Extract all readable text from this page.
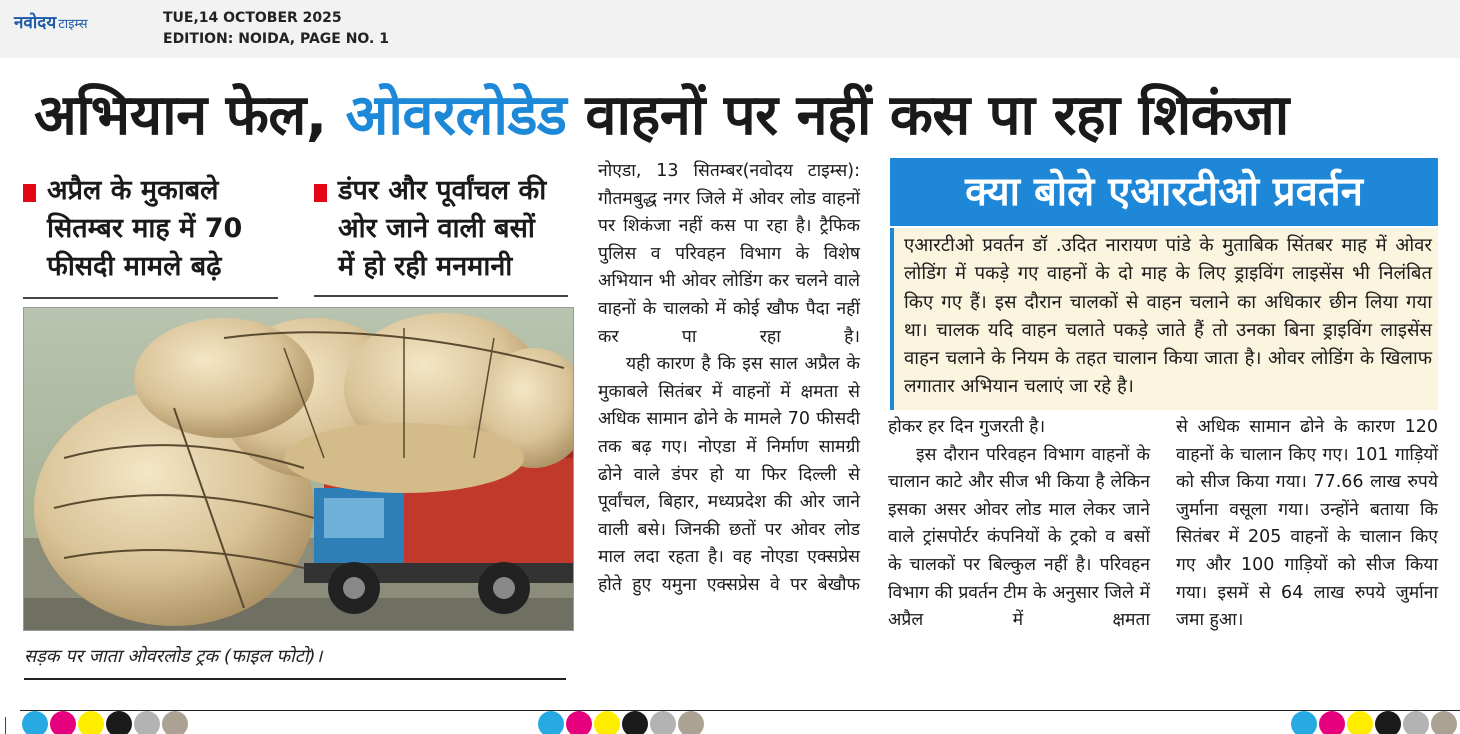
नवोदय टाइम्स	TUE,14 OCTOBER 2025
EDITION: NOIDA, PAGE NO. 1
अभियान फेल, ओवरलोडेड वाहनों पर नहीं कस पा रहा शिकंजा
अप्रैल के मुकाबले
सितम्बर माह में 70
फीसदी मामले बढ़े
डंपर और पूर्वांचल की
ओर जाने वाली बसों
में हो रही मनमानी
सड़क पर जाता ओवरलोड ट्रक (फाइल फोटो)।

नोएडा, 13 सितम्बर(नवोदय टाइम्स): गौतमबुद्ध नगर जिले में ओवर लोड वाहनों पर शिकंजा नहीं कस पा रहा है। ट्रैफिक पुलिस व परिवहन विभाग के विशेष अभियान भी ओवर लोडिंग कर चलने वाले वाहनों के चालको में कोई खौफ पैदा नहीं कर पा रहा है।

यही कारण है कि इस साल अप्रैल के मुकाबले सितंबर में वाहनों में क्षमता से अधिक सामान ढोने के मामले 70 फीसदी तक बढ़ गए। नोएडा में निर्माण सामग्री ढोने वाले डंपर हो या फिर दिल्ली से पूर्वांचल, बिहार, मध्यप्रदेश की ओर जाने वाली बसे। जिनकी छतों पर ओवर लोड माल लदा रहता है। वह नोएडा एक्सप्रेस होते हुए यमुना एक्सप्रेस वे पर बेखौफ

क्या बोले एआरटीओ प्रवर्तन
एआरटीओ प्रवर्तन डॉ .उदित नारायण पांडे के मुताबिक सिंतबर माह में ओवर लोडिंग में पकड़े गए वाहनों के दो माह के लिए ड्राइविंग लाइसेंस भी निलंबित किए गए हैं। इस दौरान चालकों से वाहन चलाने का अधिकार छीन लिया गया था। चालक यदि वाहन चलाते पकड़े जाते हैं तो उनका बिना ड्राइविंग लाइसेंस वाहन चलाने के नियम के तहत चालान किया जाता है। ओवर लोडिंग के खिलाफ लगातार अभियान चलाएं जा रहे है।

होकर हर दिन गुजरती है।

इस दौरान परिवहन विभाग वाहनों के चालान काटे और सीज भी किया है लेकिन इसका असर ओवर लोड माल लेकर जाने वाले ट्रांसपोर्टर कंपनियों के ट्रको व बसों के चालकों पर बिल्कुल नहीं है। परिवहन विभाग की प्रवर्तन टीम के अनुसार जिले में अप्रैल में क्षमता

से अधिक सामान ढोने के कारण 120 वाहनों के चालान किए गए। 101 गाड़ियों को सीज किया गया। 77.66 लाख रुपये जुर्माना वसूला गया। उन्होंने बताया कि सितंबर में 205 वाहनों के चालान किए गए और 100 गाड़ियों को सीज किया गया। इसमें से 64 लाख रुपये जुर्माना जमा हुआ।
